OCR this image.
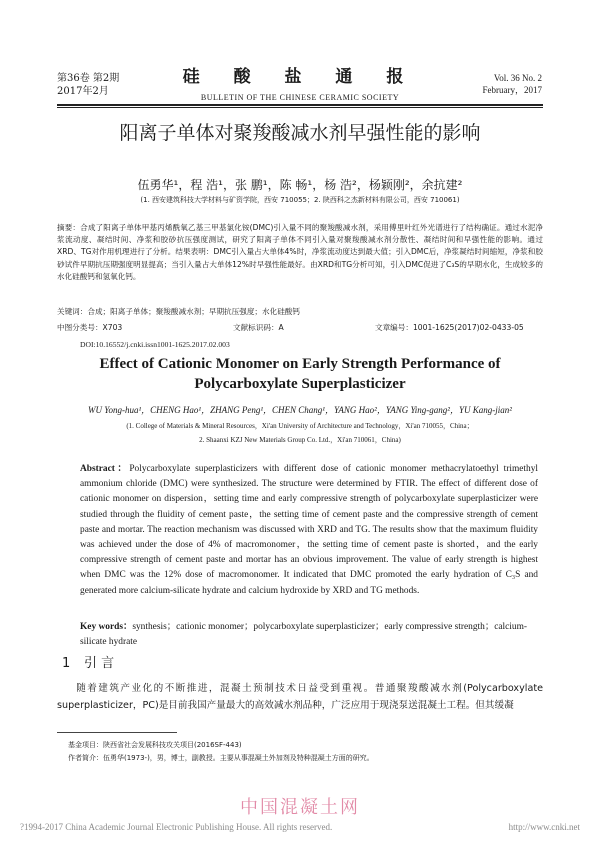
第36卷 第2期
2017年2月
硅 酸 盐 通 报
BULLETIN OF THE CHINESE CERAMIC SOCIETY
Vol. 36 No. 2
February，2017
阳离子单体对聚羧酸减水剂早强性能的影响
伍勇华¹，程 浩¹，张 鹏¹，陈 畅¹，杨 浩²，杨颖刚²，余抗建²
(1. 西安建筑科技大学材料与矿资学院，西安 710055；2. 陕西科之杰新材料有限公司，西安 710061)
摘要：合成了阳离子单体甲基丙烯酰氧乙基三甲基氯化铵(DMC)引入量不同的聚羧酸减水剂，采用傅里叶红外光谱进行了结构确证。通过水泥净浆流动度、凝结时间、净浆和胶砂抗压强度测试，研究了阳离子单体不同引入量对聚羧酸减水剂分散性、凝结时间和早强性能的影响。通过XRD、TG对作用机理进行了分析。结果表明：DMC引入量占大单体4%时，净浆流动度达到最大值；引入DMC后，净浆凝结时间缩短，净浆和胶砂试件早期抗压期强度明显提高；当引入量占大单体12%时早强性能最好。由XRD和TG分析可知，引入DMC促进了C₃S的早期水化，生成较多的水化硅酸钙和氢氧化钙。
关键词：合成；阳离子单体；聚羧酸减水剂；早期抗压强度；水化硅酸钙
中图分类号：X703	文献标识码：A	文章编号：1001-1625(2017)02-0433-05
DOI:10.16552/j.cnki.issn1001-1625.2017.02.003
Effect of Cationic Monomer on Early Strength Performance of
Polycarboxylate Superplasticizer
WU Yong-hua¹，CHENG Hao¹，ZHANG Peng¹，CHEN Chang¹，YANG Hao²，YANG Ying-gang²，YU Kang-jian²
(1. College of Materials & Mineral Resources，Xi'an University of Architecture and Technology，Xi'an 710055，China；
2. Shaanxi KZJ New Materials Group Co. Ltd.，Xi'an 710061，China)
Abstract：Polycarboxylate superplasticizers with different dose of cationic monomer methacrylatoethyl trimethyl ammonium chloride (DMC) were synthesized. The structure were determined by FTIR. The effect of different dose of cationic monomer on dispersion，setting time and early compressive strength of polycarboxylate superplasticizer were studied through the fluidity of cement paste，the setting time of cement paste and the compressive strength of cement paste and mortar. The reaction mechanism was discussed with XRD and TG. The results show that the maximum fluidity was achieved under the dose of 4% of macromonomer，the setting time of cement paste is shorted，and the early compressive strength of cement paste and mortar has an obvious improvement. The value of early strength is highest when DMC was the 12% dose of macromonomer. It indicated that DMC promoted the early hydration of C₃S and generated more calcium-silicate hydrate and calcium hydroxide by XRD and TG methods.
Key words：synthesis；cationic monomer；polycarboxylate superplasticizer；early compressive strength；calcium-silicate hydrate
1 引 言
随着建筑产业化的不断推进，混凝土预制技术日益受到重视。普通聚羧酸减水剂(Polycarboxylate superplasticizer，PC)是目前我国产量最大的高效减水剂品种，广泛应用于现浇泵送混凝土工程。但其缓凝
基金项目：陕西省社会发展科技攻关项目(2016SF-443)
作者简介：伍勇华(1973-)，男，博士，副教授。主要从事混凝土外加剂及特种混凝土方面的研究。
中国混凝土网
?1994-2017 China Academic Journal Electronic Publishing House. All rights reserved.	http://www.cnki.net
